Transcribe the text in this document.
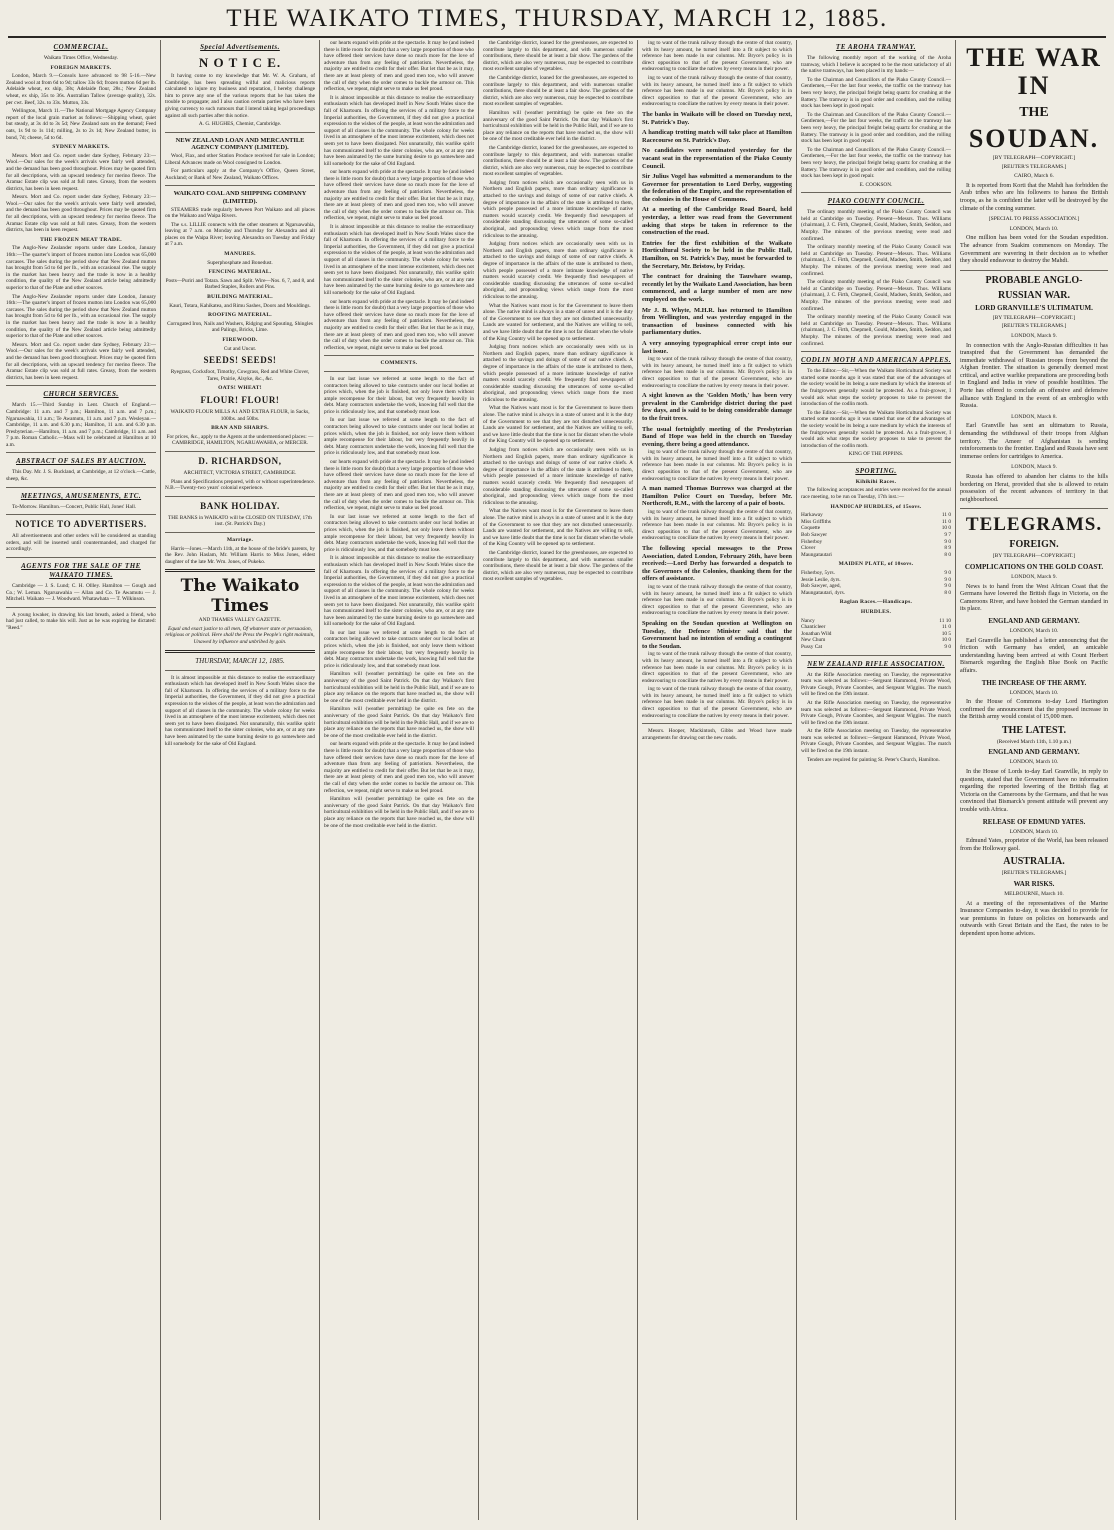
THE WAIKATO TIMES, THURSDAY, MARCH 12, 1885.
COMMERCIAL.

Waikato Times Office, Wednesday.

FOREIGN MARKETS.

London, March 9.—Consols have advanced to 98 5-16.—New Zealand wool at from 6d to 9d; tallow 33s 6d; frozen mutton 6d per lb. Adelaide wheat, ex ship, 38s; Adelaide flour, 28s.; New Zealand wheat, ex ship, 35s to 36s. Australian Tallow (average quality), 32s. per cwt. Beef, 32s. to 33s. Mutton, 33s.

Wellington, March 11.—The National Mortgage Agency Company report of the local grain market as follows:—Shipping wheat, quiet but steady, at 3s 4d to 3s 5d; New Zealand oats on the demand; Feed oats, 1s 9d to 1s 11d; milling, 2s to 2s 1d; New Zealand butter, in bond, 7d; cheese, 5d to 6d.

SYDNEY MARKETS.

Messrs. Mort and Co. report under date Sydney, February 23:—Wool.—Our sales for the week's arrivals were fairly well attended, and the demand has been good throughout. Prices may be quoted firm for all descriptions, with an upward tendency for merino fleece. The Aramac Estate clip was sold at full rates. Greasy, from the western districts, has been in keen request.

Messrs. Mort and Co. report under date Sydney, February 23:—Wool.—Our sales for the week's arrivals were fairly well attended, and the demand has been good throughout. Prices may be quoted firm for all descriptions, with an upward tendency for merino fleece. The Aramac Estate clip was sold at full rates. Greasy, from the western districts, has been in keen request.

THE FROZEN MEAT TRADE.

The Anglo-New Zealander reports under date London, January 16th:—The quarter's import of frozen mutton into London was 65,000 carcases. The sales during the period show that New Zealand mutton has brought from 5d to 6d per lb., with an occasional rise. The supply in the market has been heavy and the trade is now in a healthy condition, the quality of the New Zealand article being admittedly superior to that of the Plate and other sources.

The Anglo-New Zealander reports under date London, January 16th:—The quarter's import of frozen mutton into London was 65,000 carcases. The sales during the period show that New Zealand mutton has brought from 5d to 6d per lb., with an occasional rise. The supply in the market has been heavy and the trade is now in a healthy condition, the quality of the New Zealand article being admittedly superior to that of the Plate and other sources.

Messrs. Mort and Co. report under date Sydney, February 23:—Wool.—Our sales for the week's arrivals were fairly well attended, and the demand has been good throughout. Prices may be quoted firm for all descriptions, with an upward tendency for merino fleece. The Aramac Estate clip was sold at full rates. Greasy, from the western districts, has been in keen request.

CHURCH SERVICES.

March 15.—Third Sunday in Lent. Church of England.—Cambridge: 11 a.m. and 7 p.m.; Hamilton, 11 a.m. and 7 p.m.; Ngaruawahia, 11 a.m.; Te Awamutu, 11 a.m. and 7 p.m. Wesleyan.—Cambridge, 11 a.m. and 6.30 p.m.; Hamilton, 11 a.m. and 6.30 p.m. Presbyterian.—Hamilton, 11 a.m. and 7 p.m.; Cambridge, 11 a.m. and 7 p.m. Roman Catholic.—Mass will be celebrated at Hamilton at 10 a.m.

ABSTRACT OF SALES BY AUCTION.

This Day. Mr. J. S. Buckland, at Cambridge, at 12 o'clock.—Cattle, sheep, &c.

MEETINGS, AMUSEMENTS, ETC.

To-Morrow. Hamilton.—Concert, Public Hall, Jones' Hall.

NOTICE TO ADVERTISERS.

All advertisements and other orders will be considered as standing orders, and will be inserted until countermanded, and charged for accordingly.

AGENTS FOR THE SALE OF THE WAIKATO TIMES.

Cambridge — J. S. Lund; C. H. Ollley. Hamilton — Gough and Co.; W. Leman. Ngaruawahia — Allan and Co. Te Awamutu — J. Mitchell. Waikato — J. Woodward. Whatawhata — T. Wilkinson.

A young kwaker, in drawing his last breath, asked a friend, who had just called, to make his will. Just as he was expiring he dictated: "Reed."

Special Advertisements.
N O T I C E.

It having come to my knowledge that Mr. W. A. Graham, of Cambridge, has been spreading wilful and malicious reports calculated to injure my business and reputation, I hereby challenge him to prove any one of the various reports that he has taken the trouble to propagate; and I also caution certain parties who have been giving currency to such rumours that I intend taking legal proceedings against all such parties after this notice.

A. G. HUGHES, Chemist, Cambridge.

NEW ZEALAND LOAN AND MERCANTILE AGENCY COMPANY (LIMITED).

Wool, Flax, and other Station Produce received for sale in London; Liberal Advances made on Wool consigned to London.

For particulars apply at the Company's Office, Queen Street, Auckland; or Bank of New Zealand, Waikato Offices.

WAIKATO COAL AND SHIPPING COMPANY (LIMITED).

STEAMERS trade regularly between Port Waikato and all places on the Waikato and Waipa Rivers.

The s.s. LILLIE connects with the other steamers at Ngaruawahia, leaving at 7 a.m. on Monday and Thursday for Alexandra and all places on the Waipa River; leaving Alexandra on Tuesday and Friday at 7 a.m.

MANURES.

Superphosphate and Bonedust.

FENCING MATERIAL.

Posts—Puriri and Totara. Sawn and Split. Wire—Nos. 6, 7, and 8, and Barbed Staples, Rollers and Pins.

BUILDING MATERIAL.

Kauri, Totara, Kahikatea, and Rimu Sashes, Doors and Mouldings.

ROOFING MATERIAL.

Corrugated Iron, Nails and Washers, Ridging and Spouting, Shingles and Palings, Bricks, Lime.

FIREWOOD.

Cut and Uncut.

SEEDS! SEEDS!

Ryegrass, Cocksfoot, Timothy, Cowgrass, Red and White Clover, Tares, Prairie, Alsyke, &c., &c.

OATS! WHEAT!
FLOUR! FLOUR!

WAIKATO FLOUR MILLS A1 AND EXTRA FLOUR, in Sacks, 100lbs. and 50lbs.

BRAN AND SHARPS.

For prices, &c., apply to the Agents at the undermentioned places: — CAMBRIDGE, HAMILTON, NGARUAWAHIA, or MERCER.

D. RICHARDSON,

ARCHITECT, VICTORIA STREET, CAMBRIDGE.

Plans and Specifications prepared, with or without superintendence. N.B.—Twenty-two years' colonial experience.

BANK HOLIDAY.

THE BANKS in WAIKATO will be CLOSED ON TUESDAY, 17th inst. (St. Patrick's Day.)

Marriage.

Harris—Jones.—March 11th, at the house of the bride's parents, by the Rev. John Haslam, Mr. William Harris to Miss Jones, eldest daughter of the late Mr. Wm. Jones, of Pukeko.

The Waikato Times

AND THAMES VALLEY GAZETTE.

Equal and exact justice to all men, Of whatever state or persuasion, religious or political. Here shall the Press the People's right maintain, Unawed by influence and unbribed by gain.

THURSDAY, MARCH 12, 1885.

It is almost impossible at this distance to realise the extraordinary enthusiasm which has developed itself in New South Wales since the fall of Khartoum. In offering the services of a military force to the Imperial authorities, the Government, if they did not give a practical expression to the wishes of the people, at least won the admiration and support of all classes in the community. The whole colony for weeks lived in an atmosphere of the most intense excitement, which does not seem yet to have been dissipated. Not unnaturally, this warlike spirit has communicated itself to the sister colonies, who are, or at any rate have been animated by the same burning desire to go somewhere and kill somebody for the sake of Old England.

our hearts expand with pride at the spectacle. It may be (and indeed there is little room for doubt) that a very large proportion of those who have offered their services have done so much more for the love of adventure than from any feeling of patriotism. Nevertheless, the majority are entitled to credit for their offer. But let that be as it may, there are at least plenty of men and good men too, who will answer the call of duty when the order comes to buckle the armour on. This reflection, we repeat, might serve to make us feel proud.

It is almost impossible at this distance to realise the extraordinary enthusiasm which has developed itself in New South Wales since the fall of Khartoum. In offering the services of a military force to the Imperial authorities, the Government, if they did not give a practical expression to the wishes of the people, at least won the admiration and support of all classes in the community. The whole colony for weeks lived in an atmosphere of the most intense excitement, which does not seem yet to have been dissipated. Not unnaturally, this warlike spirit has communicated itself to the sister colonies, who are, or at any rate have been animated by the same burning desire to go somewhere and kill somebody for the sake of Old England.

our hearts expand with pride at the spectacle. It may be (and indeed there is little room for doubt) that a very large proportion of those who have offered their services have done so much more for the love of adventure than from any feeling of patriotism. Nevertheless, the majority are entitled to credit for their offer. But let that be as it may, there are at least plenty of men and good men too, who will answer the call of duty when the order comes to buckle the armour on. This reflection, we repeat, might serve to make us feel proud.

It is almost impossible at this distance to realise the extraordinary enthusiasm which has developed itself in New South Wales since the fall of Khartoum. In offering the services of a military force to the Imperial authorities, the Government, if they did not give a practical expression to the wishes of the people, at least won the admiration and support of all classes in the community. The whole colony for weeks lived in an atmosphere of the most intense excitement, which does not seem yet to have been dissipated. Not unnaturally, this warlike spirit has communicated itself to the sister colonies, who are, or at any rate have been animated by the same burning desire to go somewhere and kill somebody for the sake of Old England.

our hearts expand with pride at the spectacle. It may be (and indeed there is little room for doubt) that a very large proportion of those who have offered their services have done so much more for the love of adventure than from any feeling of patriotism. Nevertheless, the majority are entitled to credit for their offer. But let that be as it may, there are at least plenty of men and good men too, who will answer the call of duty when the order comes to buckle the armour on. This reflection, we repeat, might serve to make us feel proud.

COMMENTS.

In our last issue we referred at some length to the fact of contractors being allowed to take contracts under our local bodies at prices which, when the job is finished, not only leave them without ample recompense for their labour, but very frequently heavily in debt. Many contractors undertake the work, knowing full well that the price is ridiculously low, and that somebody must lose.

In our last issue we referred at some length to the fact of contractors being allowed to take contracts under our local bodies at prices which, when the job is finished, not only leave them without ample recompense for their labour, but very frequently heavily in debt. Many contractors undertake the work, knowing full well that the price is ridiculously low, and that somebody must lose.

our hearts expand with pride at the spectacle. It may be (and indeed there is little room for doubt) that a very large proportion of those who have offered their services have done so much more for the love of adventure than from any feeling of patriotism. Nevertheless, the majority are entitled to credit for their offer. But let that be as it may, there are at least plenty of men and good men too, who will answer the call of duty when the order comes to buckle the armour on. This reflection, we repeat, might serve to make us feel proud.

In our last issue we referred at some length to the fact of contractors being allowed to take contracts under our local bodies at prices which, when the job is finished, not only leave them without ample recompense for their labour, but very frequently heavily in debt. Many contractors undertake the work, knowing full well that the price is ridiculously low, and that somebody must lose.

It is almost impossible at this distance to realise the extraordinary enthusiasm which has developed itself in New South Wales since the fall of Khartoum. In offering the services of a military force to the Imperial authorities, the Government, if they did not give a practical expression to the wishes of the people, at least won the admiration and support of all classes in the community. The whole colony for weeks lived in an atmosphere of the most intense excitement, which does not seem yet to have been dissipated. Not unnaturally, this warlike spirit has communicated itself to the sister colonies, who are, or at any rate have been animated by the same burning desire to go somewhere and kill somebody for the sake of Old England.

In our last issue we referred at some length to the fact of contractors being allowed to take contracts under our local bodies at prices which, when the job is finished, not only leave them without ample recompense for their labour, but very frequently heavily in debt. Many contractors undertake the work, knowing full well that the price is ridiculously low, and that somebody must lose.

Hamilton will (weather permitting) be quite en fete on the anniversary of the good Saint Patrick. On that day Waikato's first horticultural exhibition will be held in the Public Hall, and if we are to place any reliance on the reports that have reached us, the show will be one of the most creditable ever held in the district.

Hamilton will (weather permitting) be quite en fete on the anniversary of the good Saint Patrick. On that day Waikato's first horticultural exhibition will be held in the Public Hall, and if we are to place any reliance on the reports that have reached us, the show will be one of the most creditable ever held in the district.

our hearts expand with pride at the spectacle. It may be (and indeed there is little room for doubt) that a very large proportion of those who have offered their services have done so much more for the love of adventure than from any feeling of patriotism. Nevertheless, the majority are entitled to credit for their offer. But let that be as it may, there are at least plenty of men and good men too, who will answer the call of duty when the order comes to buckle the armour on. This reflection, we repeat, might serve to make us feel proud.

Hamilton will (weather permitting) be quite en fete on the anniversary of the good Saint Patrick. On that day Waikato's first horticultural exhibition will be held in the Public Hall, and if we are to place any reliance on the reports that have reached us, the show will be one of the most creditable ever held in the district.

the Cambridge district, loaned for the greenhouses, are expected to contribute largely to this department, and with numerous smaller contributions, there should be at least a fair show. The gardens of the district, which are also very numerous, may be expected to contribute most excellent samples of vegetables.

the Cambridge district, loaned for the greenhouses, are expected to contribute largely to this department, and with numerous smaller contributions, there should be at least a fair show. The gardens of the district, which are also very numerous, may be expected to contribute most excellent samples of vegetables.

Hamilton will (weather permitting) be quite en fete on the anniversary of the good Saint Patrick. On that day Waikato's first horticultural exhibition will be held in the Public Hall, and if we are to place any reliance on the reports that have reached us, the show will be one of the most creditable ever held in the district.

the Cambridge district, loaned for the greenhouses, are expected to contribute largely to this department, and with numerous smaller contributions, there should be at least a fair show. The gardens of the district, which are also very numerous, may be expected to contribute most excellent samples of vegetables.

Judging from notices which are occasionally seen with us in Northern and English papers, more than ordinary significance is attached to the savings and doings of some of our native chiefs. A degree of importance in the affairs of the state is attributed to them, which people possessed of a more intimate knowledge of native matters would scarcely credit. We frequently find newspapers of considerable standing discussing the utterances of some so-called aboriginal, and propounding views which range from the most ridiculous to the amusing.

Judging from notices which are occasionally seen with us in Northern and English papers, more than ordinary significance is attached to the savings and doings of some of our native chiefs. A degree of importance in the affairs of the state is attributed to them, which people possessed of a more intimate knowledge of native matters would scarcely credit. We frequently find newspapers of considerable standing discussing the utterances of some so-called aboriginal, and propounding views which range from the most ridiculous to the amusing.

What the Natives want most is for the Government to leave them alone. The native mind is always in a state of unrest and it is the duty of the Government to see that they are not disturbed unnecessarily. Lands are wanted for settlement, and the Natives are willing to sell, and we have little doubt that the time is not far distant when the whole of the King Country will be opened up to settlement.

Judging from notices which are occasionally seen with us in Northern and English papers, more than ordinary significance is attached to the savings and doings of some of our native chiefs. A degree of importance in the affairs of the state is attributed to them, which people possessed of a more intimate knowledge of native matters would scarcely credit. We frequently find newspapers of considerable standing discussing the utterances of some so-called aboriginal, and propounding views which range from the most ridiculous to the amusing.

What the Natives want most is for the Government to leave them alone. The native mind is always in a state of unrest and it is the duty of the Government to see that they are not disturbed unnecessarily. Lands are wanted for settlement, and the Natives are willing to sell, and we have little doubt that the time is not far distant when the whole of the King Country will be opened up to settlement.

Judging from notices which are occasionally seen with us in Northern and English papers, more than ordinary significance is attached to the savings and doings of some of our native chiefs. A degree of importance in the affairs of the state is attributed to them, which people possessed of a more intimate knowledge of native matters would scarcely credit. We frequently find newspapers of considerable standing discussing the utterances of some so-called aboriginal, and propounding views which range from the most ridiculous to the amusing.

What the Natives want most is for the Government to leave them alone. The native mind is always in a state of unrest and it is the duty of the Government to see that they are not disturbed unnecessarily. Lands are wanted for settlement, and the Natives are willing to sell, and we have little doubt that the time is not far distant when the whole of the King Country will be opened up to settlement.

the Cambridge district, loaned for the greenhouses, are expected to contribute largely to this department, and with numerous smaller contributions, there should be at least a fair show. The gardens of the district, which are also very numerous, may be expected to contribute most excellent samples of vegetables.

ing to want of the trunk railway through the centre of that country, with its heavy amount, he turned itself into a fit subject to which reference has been made in our columns. Mr. Bryce's policy is in direct opposition to that of the present Government, who are endeavouring to conciliate the natives by every means in their power.

ing to want of the trunk railway through the centre of that country, with its heavy amount, he turned itself into a fit subject to which reference has been made in our columns. Mr. Bryce's policy is in direct opposition to that of the present Government, who are endeavouring to conciliate the natives by every means in their power.

The banks in Waikato will be closed on Tuesday next, St. Patrick's Day.

A handicap trotting match will take place at Hamilton Racecourse on St. Patrick's Day.

No candidates were nominated yesterday for the vacant seat in the representation of the Piako County Council.

Sir Julius Vogel has submitted a memorandum to the Governor for presentation to Lord Derby, suggesting the federation of the Empire, and the representation of the colonies in the House of Commons.

At a meeting of the Cambridge Road Board, held yesterday, a letter was read from the Government asking that steps be taken in reference to the construction of the road.

Entries for the first exhibition of the Waikato Horticultural Society to be held in the Public Hall, Hamilton, on St. Patrick's Day, must be forwarded to the Secretary, Mr. Bristow, by Friday.

The contract for draining the Tauwhare swamp, recently let by the Waikato Land Association, has been commenced, and a large number of men are now employed on the work.

Mr J. B. Whyte, M.H.R. has returned to Hamilton from Wellington, and was yesterday engaged in the transaction of business connected with his parliamentary duties.

A very annoying typographical error crept into our last issue.

ing to want of the trunk railway through the centre of that country, with its heavy amount, he turned itself into a fit subject to which reference has been made in our columns. Mr. Bryce's policy is in direct opposition to that of the present Government, who are endeavouring to conciliate the natives by every means in their power.

A sight known as the 'Golden Moth,' has been very prevalent in the Cambridge district during the past few days, and is said to be doing considerable damage to the fruit trees.

The usual fortnightly meeting of the Presbyterian Band of Hope was held in the church on Tuesday evening, there being a good attendance.

ing to want of the trunk railway through the centre of that country, with its heavy amount, he turned itself into a fit subject to which reference has been made in our columns. Mr. Bryce's policy is in direct opposition to that of the present Government, who are endeavouring to conciliate the natives by every means in their power.

A man named Thomas Burrows was charged at the Hamilton Police Court on Tuesday, before Mr. Northcroft, R.M., with the larceny of a pair of boots.

ing to want of the trunk railway through the centre of that country, with its heavy amount, he turned itself into a fit subject to which reference has been made in our columns. Mr. Bryce's policy is in direct opposition to that of the present Government, who are endeavouring to conciliate the natives by every means in their power.

The following special messages to the Press Association, dated London, February 26th, have been received:—Lord Derby has forwarded a despatch to the Governors of the Colonies, thanking them for the offers of assistance.

ing to want of the trunk railway through the centre of that country, with its heavy amount, he turned itself into a fit subject to which reference has been made in our columns. Mr. Bryce's policy is in direct opposition to that of the present Government, who are endeavouring to conciliate the natives by every means in their power.

Speaking on the Soudan question at Wellington on Tuesday, the Defence Minister said that the Government had no intention of sending a contingent to the Soudan.

ing to want of the trunk railway through the centre of that country, with its heavy amount, he turned itself into a fit subject to which reference has been made in our columns. Mr. Bryce's policy is in direct opposition to that of the present Government, who are endeavouring to conciliate the natives by every means in their power.

ing to want of the trunk railway through the centre of that country, with its heavy amount, he turned itself into a fit subject to which reference has been made in our columns. Mr. Bryce's policy is in direct opposition to that of the present Government, who are endeavouring to conciliate the natives by every means in their power.

Messrs. Hooper, Mackintosh, Gibbs and Wood have made arrangements for drawing out the new roads.

TE AROHA TRAMWAY.

The following monthly report of the working of the Aroha tramway, which I believe is accepted to be the most satisfactory of all the native tramways, has been placed in my hands:—

To the Chairman and Councillors of the Piako County Council.—Gentlemen,—For the last four weeks, the traffic on the tramway has been very heavy, the principal freight being quartz for crushing at the Battery. The tramway is in good order and condition, and the rolling stock has been kept in good repair.

To the Chairman and Councillors of the Piako County Council.—Gentlemen,—For the last four weeks, the traffic on the tramway has been very heavy, the principal freight being quartz for crushing at the Battery. The tramway is in good order and condition, and the rolling stock has been kept in good repair.

To the Chairman and Councillors of the Piako County Council.—Gentlemen,—For the last four weeks, the traffic on the tramway has been very heavy, the principal freight being quartz for crushing at the Battery. The tramway is in good order and condition, and the rolling stock has been kept in good repair.

E. COOKSON.

PIAKO COUNTY COUNCIL.

The ordinary monthly meeting of the Piako County Council was held at Cambridge on Tuesday. Present—Messrs. Thos. Williams (chairman), J. C. Firth, Chepmell, Gould, Madsen, Smith, Seddon, and Murphy. The minutes of the previous meeting were read and confirmed.

The ordinary monthly meeting of the Piako County Council was held at Cambridge on Tuesday. Present—Messrs. Thos. Williams (chairman), J. C. Firth, Chepmell, Gould, Madsen, Smith, Seddon, and Murphy. The minutes of the previous meeting were read and confirmed.

The ordinary monthly meeting of the Piako County Council was held at Cambridge on Tuesday. Present—Messrs. Thos. Williams (chairman), J. C. Firth, Chepmell, Gould, Madsen, Smith, Seddon, and Murphy. The minutes of the previous meeting were read and confirmed.

The ordinary monthly meeting of the Piako County Council was held at Cambridge on Tuesday. Present—Messrs. Thos. Williams (chairman), J. C. Firth, Chepmell, Gould, Madsen, Smith, Seddon, and Murphy. The minutes of the previous meeting were read and confirmed.

CODLIN MOTH AND AMERICAN APPLES.

To the Editor.—Sir,—When the Waikato Horticultural Society was started some months ago it was stated that one of the advantages of the society would be its being a sure medium by which the interests of the fruitgrowers generally would be protected. As a fruit-grower, I would ask what steps the society proposes to take to prevent the introduction of the codlin moth.

To the Editor.—Sir,—When the Waikato Horticultural Society was started some months ago it was stated that one of the advantages of the society would be its being a sure medium by which the interests of the fruitgrowers generally would be protected. As a fruit-grower, I would ask what steps the society proposes to take to prevent the introduction of the codlin moth.

KING OF THE PIPPINS.

SPORTING.
Kihikihi Races.

The following acceptances and entries were received for the annual race meeting, to be run on Tuesday, 17th inst.:—

HANDICAP HURDLES, of 15sovs.
Harkaway	11 0
Miss Griffiths	11 0
Coquette	10 0
Bob Sawyer	9 7
Fisherboy	9 0
Clover	8 9
Maungatautari	8 0
MAIDEN PLATE, of 10sovs.
Fisherboy, 5yrs.	9 0
Jessie Leslie, 4yrs.	9 0
Bob Sawyer, aged,	9 0
Maungatautari, 4yrs.	8 0
Raglan Races.—Handicaps.
HURDLES.
Nancy	11 10
Chanticleer	11 0
Jonathan Wild	10 5
New Chum	10 0
Pussy Cat	9 0
NEW ZEALAND RIFLE ASSOCIATION.

At the Rifle Association meeting on Tuesday, the representative team was selected as follows:—Sergeant Hammond, Private Wood, Private Gough, Private Coombes, and Sergeant Wiggins. The match will be fired on the 19th instant.

At the Rifle Association meeting on Tuesday, the representative team was selected as follows:—Sergeant Hammond, Private Wood, Private Gough, Private Coombes, and Sergeant Wiggins. The match will be fired on the 19th instant.

At the Rifle Association meeting on Tuesday, the representative team was selected as follows:—Sergeant Hammond, Private Wood, Private Gough, Private Coombes, and Sergeant Wiggins. The match will be fired on the 19th instant.

Tenders are required for painting St. Peter's Church, Hamilton.

THE WAR IN
THE
SOUDAN.
[BY TELEGRAPH—COPYRIGHT.]
[REUTER'S TELEGRAMS.]
CAIRO, March 6.

It is reported from Korti that the Mahdi has forbidden the Arab tribes who are his followers to harass the British troops, as he is confident the latter will be destroyed by the climate of the coming summer.

[SPECIAL TO PRESS ASSOCIATION.]
LONDON, March 10.

One million has been voted for the Soudan expedition. The advance from Suakim commences on Monday. The Government are wavering in their decision as to whether they should endeavour to destroy the Mahdi.

PROBABLE ANGLO-
RUSSIAN WAR.
LORD GRANVILLE'S ULTIMATUM.
[BY TELEGRAPH—COPYRIGHT.]
[REUTER'S TELEGRAMS.]
LONDON, March 9.

In connection with the Anglo-Russian difficulties it has transpired that the Government has demanded the immediate withdrawal of Russian troops from beyond the Afghan frontier. The situation is generally deemed most critical, and active warlike preparations are proceeding both in England and India in view of possible hostilities. The Porte has offered to conclude an offensive and defensive alliance with England in the event of an embroglio with Russia.

LONDON, March 8.

Earl Granville has sent an ultimatum to Russia, demanding the withdrawal of their troops from Afghan territory. The Ameer of Afghanistan is sending reinforcements to the frontier. England and Russia have sent immense orders for cartridges to America.

LONDON, March 9.

Russia has offered to abandon her claims to the hills bordering on Herat, provided that she is allowed to retain possession of the recent advances of territory in that neighbourhood.

TELEGRAMS.
FOREIGN.
[BY TELEGRAPH—COPYRIGHT.]
COMPLICATIONS ON THE GOLD COAST.
LONDON, March 9.

News is to hand from the West African Coast that the Germans have lowered the British flags in Victoria, on the Cameroons River, and have hoisted the German standard in its place.

ENGLAND AND GERMANY.
LONDON, March 10.

Earl Granville has published a letter announcing that the friction with Germany has ended, an amicable understanding having been arrived at with Count Herbert Bismarck regarding the English Blue Book on Pacific affairs.

THE INCREASE OF THE ARMY.
LONDON, March 10.

In the House of Commons to-day Lord Hartington confirmed the announcement that the proposed increase in the British army would consist of 15,000 men.

THE LATEST.
(Received March 11th, 1.10 p.m.)
ENGLAND AND GERMANY.
LONDON, March 10.

In the House of Lords to-day Earl Granville, in reply to questions, stated that the Government have no information regarding the reported lowering of the British flag at Victoria on the Cameroons by the Germans, and that he was convinced that Bismarck's present attitude will prevent any trouble with Africa.

RELEASE OF EDMUND YATES.
LONDON, March 10.

Edmund Yates, proprietor of the World, has been released from the Holloway gaol.

AUSTRALIA.
[REUTER'S TELEGRAMS.]
WAR RISKS.
MELBOURNE, March 10.

At a meeting of the representatives of the Marine Insurance Companies to-day, it was decided to provide for war premiums in future on policies on homewards and outwards with Great Britain and the East, the rates to be dependent upon home advices.
